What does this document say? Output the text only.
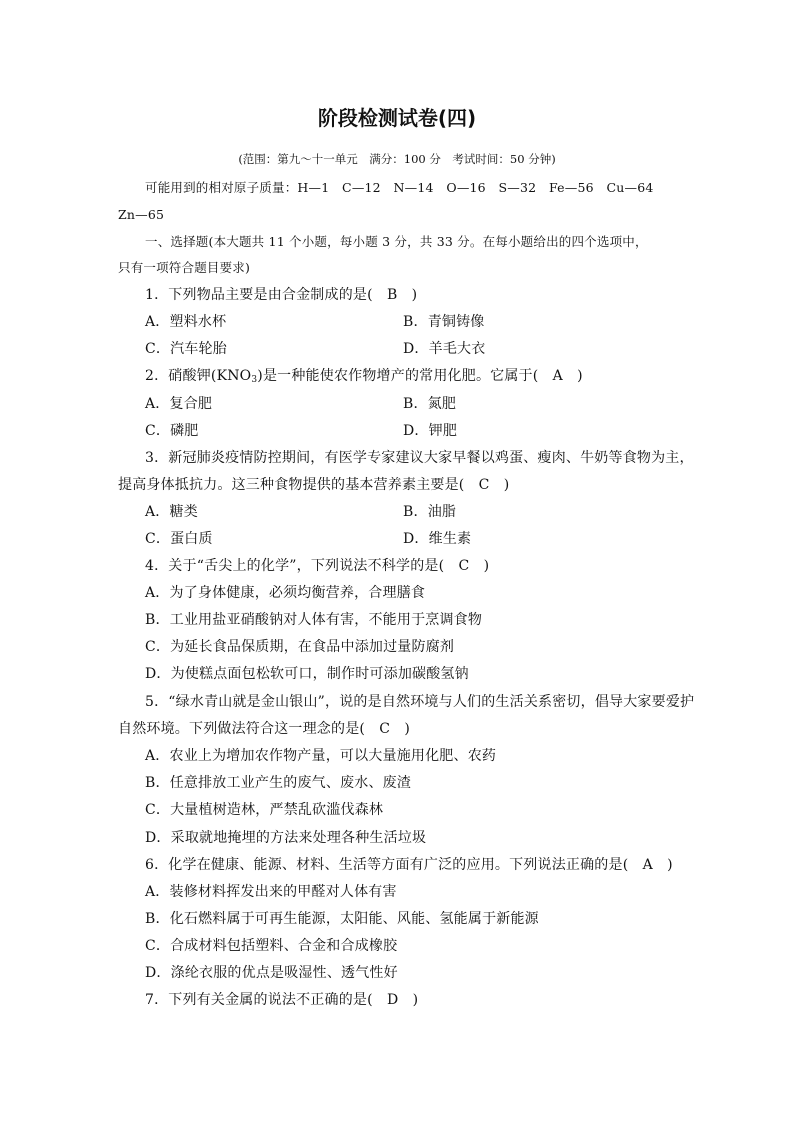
阶段检测试卷(四)
(范围：第九～十一单元　满分：100 分　考试时间：50 分钟)
可能用到的相对原子质量：H—1　C—12　N—14　O—16　S—32　Fe—56　Cu—64
Zn—65
一、选择题(本大题共 11 个小题，每小题 3 分，共 33 分。在每小题给出的四个选项中，
只有一项符合题目要求)
1．下列物品主要是由合金制成的是(　B　)
A．塑料水杯	B．青铜铸像
C．汽车轮胎	D．羊毛大衣
2．硝酸钾$(KNO_3)$是一种能使农作物增产的常用化肥。它属于(　A　)
A．复合肥	B．氮肥
C．磷肥	D．钾肥
3．新冠肺炎疫情防控期间，有医学专家建议大家早餐以鸡蛋、瘦肉、牛奶等食物为主，
提高身体抵抗力。这三种食物提供的基本营养素主要是(　C　)
A．糖类	B．油脂
C．蛋白质	D．维生素
4．关于“舌尖上的化学”，下列说法不科学的是(　C　)
A．为了身体健康，必须均衡营养，合理膳食
B．工业用盐亚硝酸钠对人体有害，不能用于烹调食物
C．为延长食品保质期，在食品中添加过量防腐剂
D．为使糕点面包松软可口，制作时可添加碳酸氢钠
5．“绿水青山就是金山银山”，说的是自然环境与人们的生活关系密切，倡导大家要爱护
自然环境。下列做法符合这一理念的是(　C　)
A．农业上为增加农作物产量，可以大量施用化肥、农药
B．任意排放工业产生的废气、废水、废渣
C．大量植树造林，严禁乱砍滥伐森林
D．采取就地掩埋的方法来处理各种生活垃圾
6．化学在健康、能源、材料、生活等方面有广泛的应用。下列说法正确的是(　A　)
A．装修材料挥发出来的甲醛对人体有害
B．化石燃料属于可再生能源，太阳能、风能、氢能属于新能源
C．合成材料包括塑料、合金和合成橡胶
D．涤纶衣服的优点是吸湿性、透气性好
7．下列有关金属的说法不正确的是(　D　)
